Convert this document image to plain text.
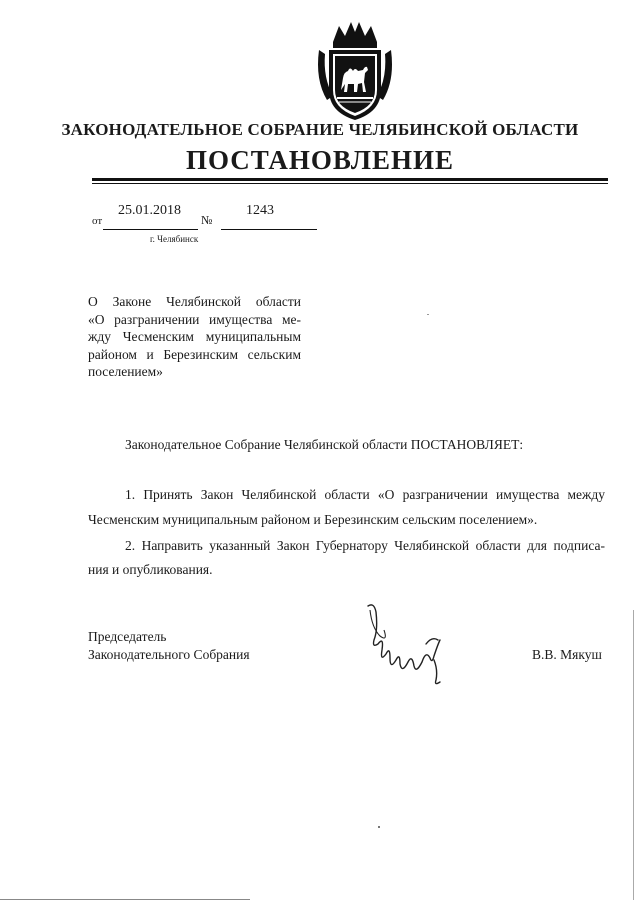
ЗАКОНОДАТЕЛЬНОЕ СОБРАНИЕ ЧЕЛЯБИНСКОЙ ОБЛАСТИ
ПОСТАНОВЛЕНИЕ
от
25.01.2018
№
1243
г. Челябинск
О Законе Челябинской области
«О разграничении имущества ме-
жду Чесменским муниципальным
районом и Березинским сельским
поселением»
Законодательное Собрание Челябинской области ПОСТАНОВЛЯЕТ:
1. Принять Закон Челябинской области «О разграничении имущества между
Чесменским муниципальным районом и Березинским сельским поселением».
2. Направить указанный Закон Губернатору Челябинской области для подписа-
ния и опубликования.
Председатель
Законодательного Собрания	В.В. Мякуш
